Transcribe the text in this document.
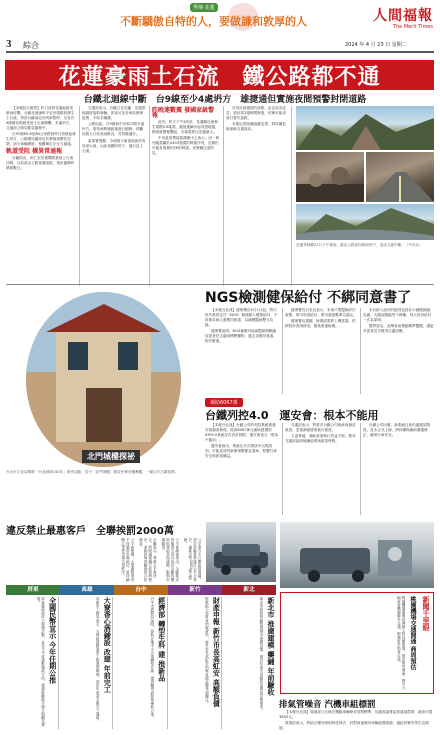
秀傳 花蓮
不斷驕傲自特的人，要做謙和敦厚的人	人間福報
The Merit Times
3 綜合	2024 年 4 月 23 日 星期二
花蓮豪雨土石流　鐵公路都不通
台鐵北迴線中斷　台9線至少4處坍方　雄捷通但實施夜間預警封閉道路

【本報綜合報導】昨日清晨花蓮地區受豪雨侵襲，台鐵北迴線和平至崇德路段發生土石流，導致台鐵南北向列車暫停，另有台9線蘇花路廊受到土石流衝擊，多處坍方，交通部公路局緊急搶修中。

台9T線85.6至88公里路段昨日清晨起發生坍方，公路總局隨即宣布實施預警性封閉，部分車輛滯留，相關單位正全力搶通。

軌道受阻 橋異常通報

台鐵指出，和仁至崇德間路基被土石流沖刷，目前改由公路客運接駁，預計搶修時間需數日。

交通部表示，台鐵已在宜蘭、花蓮兩地調度接駁車輛，旅客可至各車站辦理退票，不收手續費。

公路局說，台9線和中至和平間多處坍方，需待雨勢減緩後進行搶修，呼籲用路人行前查詢路況，勿冒險通行。

氣象署提醒，今明兩天東部地區仍有局部大雨，山區須嚴防坍方、落石及土石流。

昨晚連數震 發國家級警報

此外，昨天下午5時許，花蓮縣近海發生規模5.8地震，隨後連續多起有感地震，國家級警報響起，各地震度以花蓮最大。

中央氣象署地震測報中心表示，這一系列地震屬於0403強震的餘震序列，近期仍可能有規模5至6的餘震，民眾應注意防災。

可見於被損毀的道路，由壹壹壹壹壹，預計需2週時間修復，民眾可能須改行替代道路。

本報記者陸續追蹤災情，將持續更新最新交通資訊。

花蓮秀林鄉22日下午豪雨，蘇花公路部份路段坍方，造成交通中斷。〔中央社〕
北門城樓探祕
台北市文化局舉辦「台北城城140年」系列活動，其中「北門城樓」開放民眾登樓參觀，一窺百年古蹟風華。
NGS檢測健保給付 不綁同意書了

【本報台北訊】健保署自5月1日起，將次世代基因定序（NGS）檢測納入健保給付，不再要求病人簽署同意書，以減輕醫病雙方負擔。

健保署說明，NGS檢測可協助醫師判斷癌症患者是否適用標靶藥物，過去須簽同意書，程序繁複。

健保署長石崇良表示，未來只要醫師評估需要，即可申請給付，將可嘉惠數萬名癌友。

健保署也提醒，檢測結果將上傳雲端，供跨院所查詢使用，避免重複檢測。

本次納入給付的癌別包括非小細胞肺癌、乳癌、大腸直腸癌等十餘種，每人終身給付一次為原則。

醫界認為，此舉有助推動精準醫療，讓更多患者及早獲得合適治療。

補助6067萬
台鐵列控4.0　運安會：根本不能用

【本報台北訊】台鐵公司的列控系統被運安會調查發現，耗資6067萬元補助建置的ATP4.0系統存在設計缺陷，運安會直言「根本不能用」。

運安會指出，系統在多次測試中出現誤判，可能造成列車無預警緊急煞車，影響行車安全與旅客權益。

交通部表示，將要求台鐵公司與承商檢討改善，並重新驗證系統可靠度。

立委質疑，補助款項執行效益不彰，要求交通部說明後續追責與改善時程。

台鐵公司回應，新系統目前仍處測試階段，並未正式上線，將持續與廠商溝通修正，確保行車安全。

違反禁止最惠客戶　全聯挨罰2000萬
公平會今天召開委員會議，認定全聯實業違反公平交易法，處新台幣2000萬元罰鍰。
公平會調查指出，全聯要求供應商不得以低於全聯的價格供貨給其他通路，限制市場競爭。
全聯表示，尊重公平會決定，將研議後續行政救濟程序，並檢討與供應商的合約條款。
公平會強調，大型通路業者不得濫用市場地位，將持續關注零售市場交易秩序。
屏東	高雄	台中	新竹	新北
全國民幣宣示 今年任期公推
屏東縣政府昨天舉辦活動，宣布今年度重點施政方向，強調推動地方創生與觀光發展。	大寮香心酒鋪設 改建 年前完工
高雄市工務局表示，大寮區道路改善工程進度順利，預計年底前全線完工通車。	經濟部 轉型生科 建 推新品
台中市經發局說明，協助在地中小企業轉型升級，提供輔導資源與補助方案。	財產申報 新竹市長高虹安 高額負債
監察院公布財產申報資料，新竹市長高虹安申報負債金額受到關注。	新北市 推廣建模 藥鋪 年前驗收
新北市政府推動智慧城市建模計畫，預計年前完成驗收並開放民眾使用。	新聞千里眼
桃園機場交通開通 商周預估
桃園機場捷運延伸線工程持續推進，預計明年通車，將可大幅改善機場聯外交通，服務更多旅客往返。
排氣管噪音 汽機車組標罰

【本報台北訊】環境部公告修正機動車輛噪音管制標準，加重改裝排氣管違規罰則，最高可罰3600元。

環境部表示，將結合聲音照相科技執法，針對深夜噪音車輛加強取締，還給民眾安寧生活環境。
